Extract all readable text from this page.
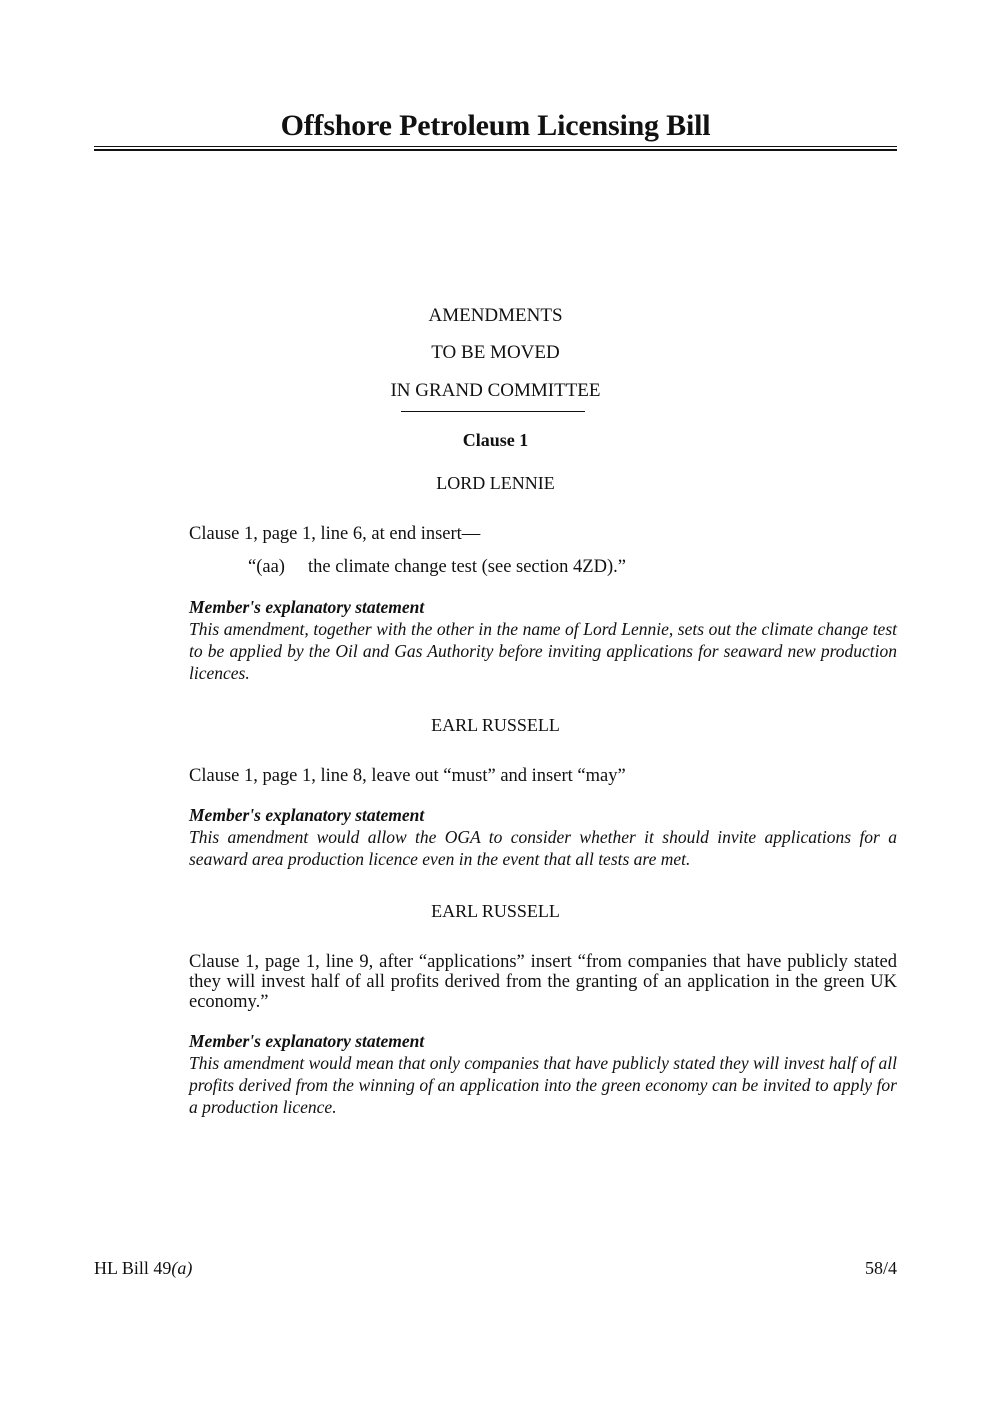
Offshore Petroleum Licensing Bill
AMENDMENTS
TO BE MOVED
IN GRAND COMMITTEE
Clause 1
LORD LENNIE
Clause 1, page 1, line 6, at end insert—
“(aa) the climate change test (see section 4ZD).”
Member's explanatory statement
This amendment, together with the other in the name of Lord Lennie, sets out the climate change test to be applied by the Oil and Gas Authority before inviting applications for seaward new production licences.
EARL RUSSELL
Clause 1, page 1, line 8, leave out “must” and insert “may”
Member's explanatory statement
This amendment would allow the OGA to consider whether it should invite applications for a seaward area production licence even in the event that all tests are met.
EARL RUSSELL
Clause 1, page 1, line 9, after “applications” insert “from companies that have publicly stated they will invest half of all profits derived from the granting of an application in the green UK economy.”
Member's explanatory statement
This amendment would mean that only companies that have publicly stated they will invest half of all profits derived from the winning of an application into the green economy can be invited to apply for a production licence.
HL Bill 49(a)	58/4
